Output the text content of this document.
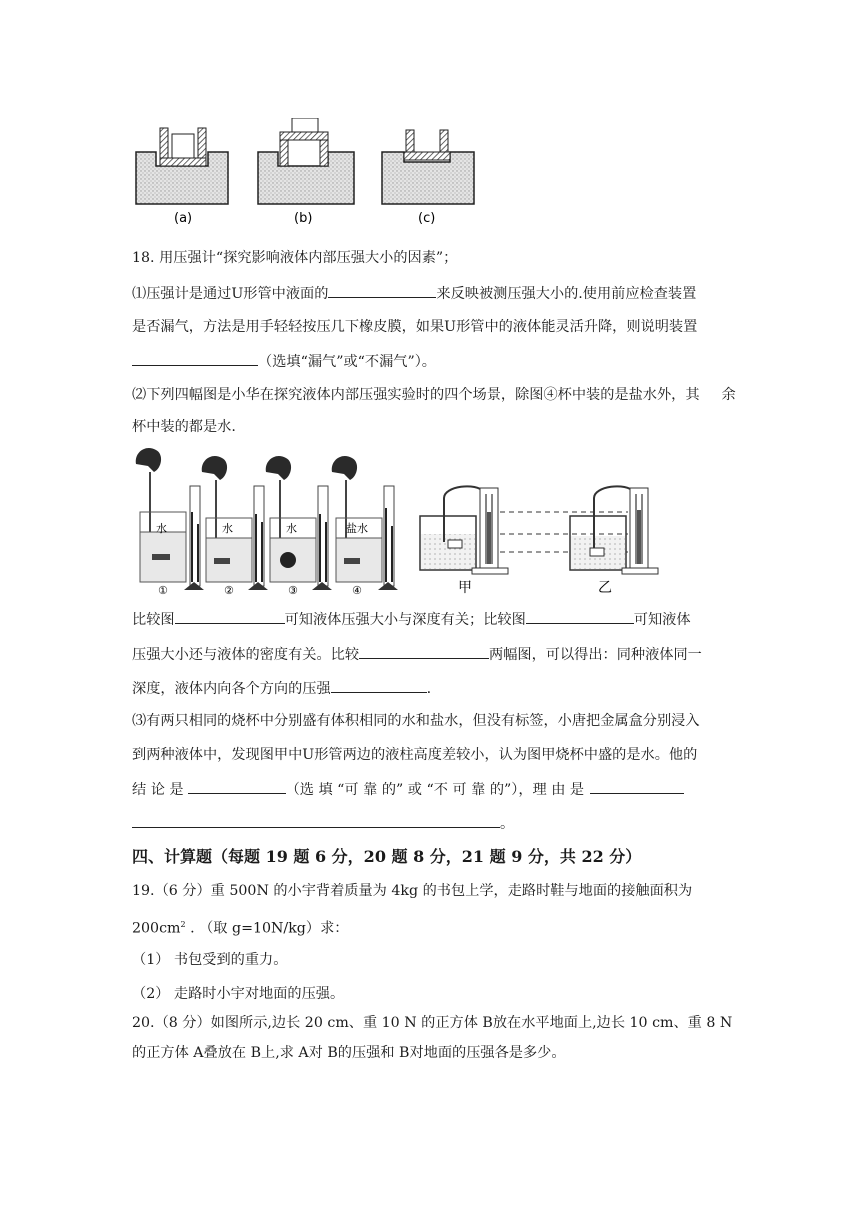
(a)	(b)	(c)
18. 用压强计“探究影响液体内部压强大小的因素”；
⑴压强计是通过U形管中液面的	来反映被测压强大小的.使用前应检查装置
是否漏气，方法是用手轻轻按压几下橡皮膜，如果U形管中的液体能灵活升降，则说明装置
（选填“漏气”或“不漏气”）。
⑵下列四幅图是小华在探究液体内部压强实验时的四个场景，除图④杯中装的是盐水外，其 余
杯中装的都是水.
水	水	水	盐水
①	②	③	④	甲	乙
比较图	可知液体压强大小与深度有关；比较图	可知液体
压强大小还与液体的密度有关。比较	两幅图，可以得出：同种液体同一
深度，液体内向各个方向的压强	.
⑶有两只相同的烧杯中分别盛有体积相同的水和盐水，但没有标签，小唐把金属盒分别浸入
到两种液体中，发现图甲中U形管两边的液柱高度差较小，认为图甲烧杯中盛的是水。他的
结 论 是	（选 填 “可 靠 的” 或 “不 可 靠 的”），理 由 是
。
四、计算题（每题 19 题 6 分，20 题 8 分，21 题 9 分，共 22 分）
19.（6 分）重 500N 的小宇背着质量为 4kg 的书包上学，走路时鞋与地面的接触面积为
$200cm^2$ . （取 g=10N/kg）求：
（1） 书包受到的重力。
（2） 走路时小宇对地面的压强。
20.（8 分）如图所示,边长 20 cm、重 10 N 的正方体 B放在水平地面上,边长 10 cm、重 8 N
的正方体 A叠放在 B上,求 A对 B的压强和 B对地面的压强各是多少。
